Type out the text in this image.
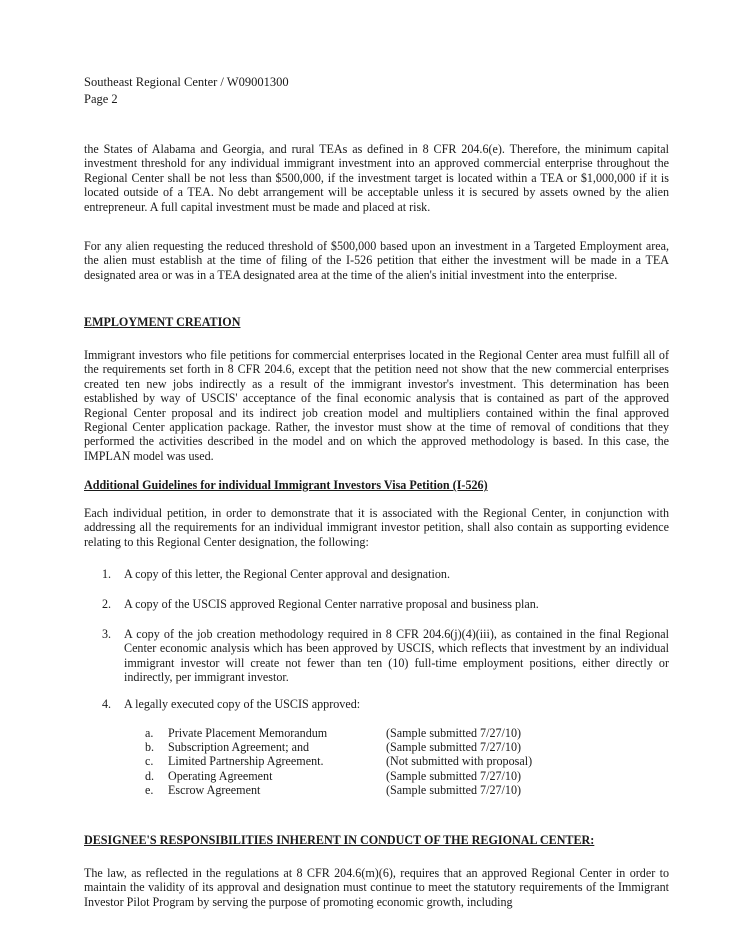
Southeast Regional Center / W09001300
Page 2
the States of Alabama and Georgia, and rural TEAs as defined in 8 CFR 204.6(e). Therefore, the minimum capital investment threshold for any individual immigrant investment into an approved commercial enterprise throughout the Regional Center shall be not less than $500,000, if the investment target is located within a TEA or $1,000,000 if it is located outside of a TEA. No debt arrangement will be acceptable unless it is secured by assets owned by the alien entrepreneur. A full capital investment must be made and placed at risk.
For any alien requesting the reduced threshold of $500,000 based upon an investment in a Targeted Employment area, the alien must establish at the time of filing of the I-526 petition that either the investment will be made in a TEA designated area or was in a TEA designated area at the time of the alien's initial investment into the enterprise.
EMPLOYMENT CREATION
Immigrant investors who file petitions for commercial enterprises located in the Regional Center area must fulfill all of the requirements set forth in 8 CFR 204.6, except that the petition need not show that the new commercial enterprises created ten new jobs indirectly as a result of the immigrant investor's investment. This determination has been established by way of USCIS' acceptance of the final economic analysis that is contained as part of the approved Regional Center proposal and its indirect job creation model and multipliers contained within the final approved Regional Center application package. Rather, the investor must show at the time of removal of conditions that they performed the activities described in the model and on which the approved methodology is based. In this case, the IMPLAN model was used.
Additional Guidelines for individual Immigrant Investors Visa Petition (I-526)
Each individual petition, in order to demonstrate that it is associated with the Regional Center, in conjunction with addressing all the requirements for an individual immigrant investor petition, shall also contain as supporting evidence relating to this Regional Center designation, the following:
1.	A copy of this letter, the Regional Center approval and designation.
2.	A copy of the USCIS approved Regional Center narrative proposal and business plan.
3.	A copy of the job creation methodology required in 8 CFR 204.6(j)(4)(iii), as contained in the final Regional Center economic analysis which has been approved by USCIS, which reflects that investment by an individual immigrant investor will create not fewer than ten (10) full-time employment positions, either directly or indirectly, per immigrant investor.
4.	A legally executed copy of the USCIS approved:
a.	Private Placement Memorandum	(Sample submitted 7/27/10)
b.	Subscription Agreement; and	(Sample submitted 7/27/10)
c.	Limited Partnership Agreement.	(Not submitted with proposal)
d.	Operating Agreement	(Sample submitted 7/27/10)
e.	Escrow Agreement	(Sample submitted 7/27/10)
DESIGNEE'S RESPONSIBILITIES INHERENT IN CONDUCT OF THE REGIONAL CENTER:
The law, as reflected in the regulations at 8 CFR 204.6(m)(6), requires that an approved Regional Center in order to maintain the validity of its approval and designation must continue to meet the statutory requirements of the Immigrant Investor Pilot Program by serving the purpose of promoting economic growth, including
